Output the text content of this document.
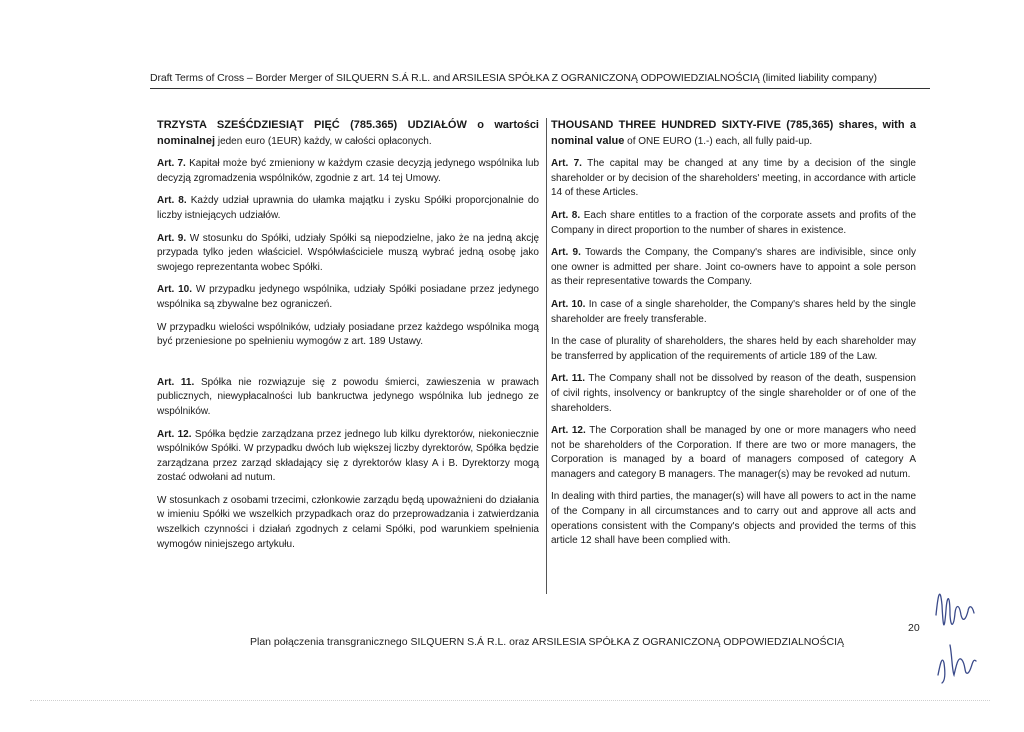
Draft Terms of Cross – Border Merger of SILQUERN S.Á R.L. and ARSILESIA SPÓŁKA Z OGRANICZONĄ ODPOWIEDZIALNOŚCIĄ (limited liability company)

TRZYSTA SZEŚĆDZIESIĄT PIĘĆ (785.365) UDZIAŁÓW o wartości nominalnej jeden euro (1EUR) każdy, w całości opłaconych.

Art. 7. Kapitał może być zmieniony w każdym czasie decyzją jedynego wspólnika lub decyzją zgromadzenia wspólników, zgodnie z art. 14 tej Umowy.

Art. 8. Każdy udział uprawnia do ułamka majątku i zysku Spółki proporcjonalnie do liczby istniejących udziałów.

Art. 9. W stosunku do Spółki, udziały Spółki są niepodzielne, jako że na jedną akcję przypada tylko jeden właściciel. Współwłaściciele muszą wybrać jedną osobę jako swojego reprezentanta wobec Spółki.

Art. 10. W przypadku jedynego wspólnika, udziały Spółki posiadane przez jedynego wspólnika są zbywalne bez ograniczeń.

W przypadku wielości wspólników, udziały posiadane przez każdego wspólnika mogą być przeniesione po spełnieniu wymogów z art. 189 Ustawy.

Art. 11. Spółka nie rozwiązuje się z powodu śmierci, zawieszenia w prawach publicznych, niewypłacalności lub bankructwa jedynego wspólnika lub jednego ze wspólników.

Art. 12. Spółka będzie zarządzana przez jednego lub kilku dyrektorów, niekoniecznie wspólników Spółki. W przypadku dwóch lub większej liczby dyrektorów, Spółka będzie zarządzana przez zarząd składający się z dyrektorów klasy A i B. Dyrektorzy mogą zostać odwołani ad nutum.

W stosunkach z osobami trzecimi, członkowie zarządu będą upoważnieni do działania w imieniu Spółki we wszelkich przypadkach oraz do przeprowadzania i zatwierdzania wszelkich czynności i działań zgodnych z celami Spółki, pod warunkiem spełnienia wymogów niniejszego artykułu.

THOUSAND THREE HUNDRED SIXTY-FIVE (785,365) shares, with a nominal value of ONE EURO (1.-) each, all fully paid-up.

Art. 7. The capital may be changed at any time by a decision of the single shareholder or by decision of the shareholders' meeting, in accordance with article 14 of these Articles.

Art. 8. Each share entitles to a fraction of the corporate assets and profits of the Company in direct proportion to the number of shares in existence.

Art. 9. Towards the Company, the Company's shares are indivisible, since only one owner is admitted per share. Joint co-owners have to appoint a sole person as their representative towards the Company.

Art. 10. In case of a single shareholder, the Company's shares held by the single shareholder are freely transferable.

In the case of plurality of shareholders, the shares held by each shareholder may be transferred by application of the requirements of article 189 of the Law.

Art. 11. The Company shall not be dissolved by reason of the death, suspension of civil rights, insolvency or bankruptcy of the single shareholder or of one of the shareholders.

Art. 12. The Corporation shall be managed by one or more managers who need not be shareholders of the Corporation. If there are two or more managers, the Corporation is managed by a board of managers composed of category A managers and category B managers. The manager(s) may be revoked ad nutum.

In dealing with third parties, the manager(s) will have all powers to act in the name of the Company in all circumstances and to carry out and approve all acts and operations consistent with the Company's objects and provided the terms of this article 12 shall have been complied with.

20
Plan połączenia transgranicznego SILQUERN S.Á R.L. oraz ARSILESIA SPÓŁKA Z OGRANICZONĄ ODPOWIEDZIALNOŚCIĄ
